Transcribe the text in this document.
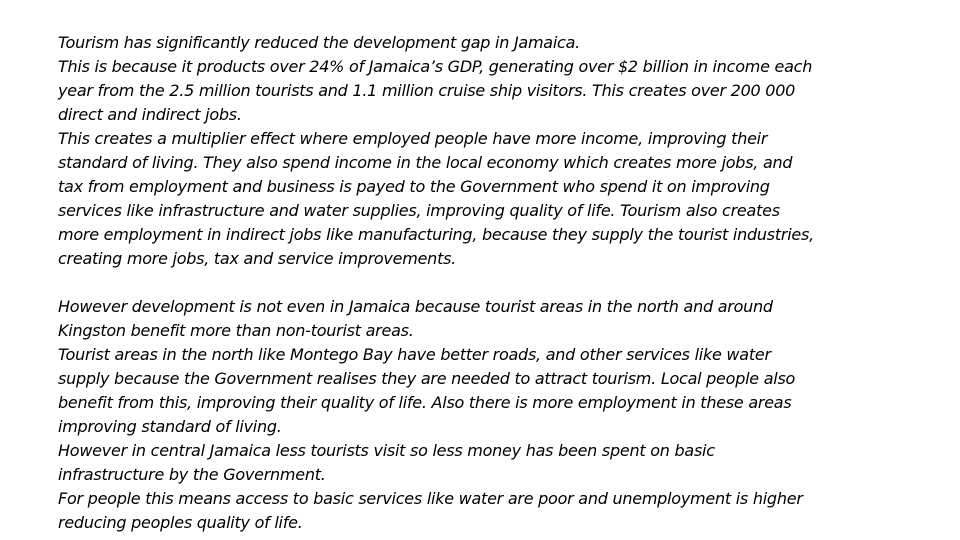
Tourism has significantly reduced the development gap in Jamaica.
This is because it products over 24% of Jamaica’s GDP, generating over $2 billion in income each
year from the 2.5 million tourists and 1.1 million cruise ship visitors. This creates over 200 000
direct and indirect jobs.
This creates a multiplier effect where employed people have more income, improving their
standard of living. They also spend income in the local economy which creates more jobs, and
tax from employment and business is payed to the Government who spend it on improving
services like infrastructure and water supplies, improving quality of life. Tourism also creates
more employment in indirect jobs like manufacturing, because they supply the tourist industries,
creating more jobs, tax and service improvements.
However development is not even in Jamaica because tourist areas in the north and around
Kingston benefit more than non-tourist areas.
Tourist areas in the north like Montego Bay have better roads, and other services like water
supply because the Government realises they are needed to attract tourism. Local people also
benefit from this, improving their quality of life. Also there is more employment in these areas
improving standard of living.
However in central Jamaica less tourists visit so less money has been spent on basic
infrastructure by the Government.
For people this means access to basic services like water are poor and unemployment is higher
reducing peoples quality of life.
